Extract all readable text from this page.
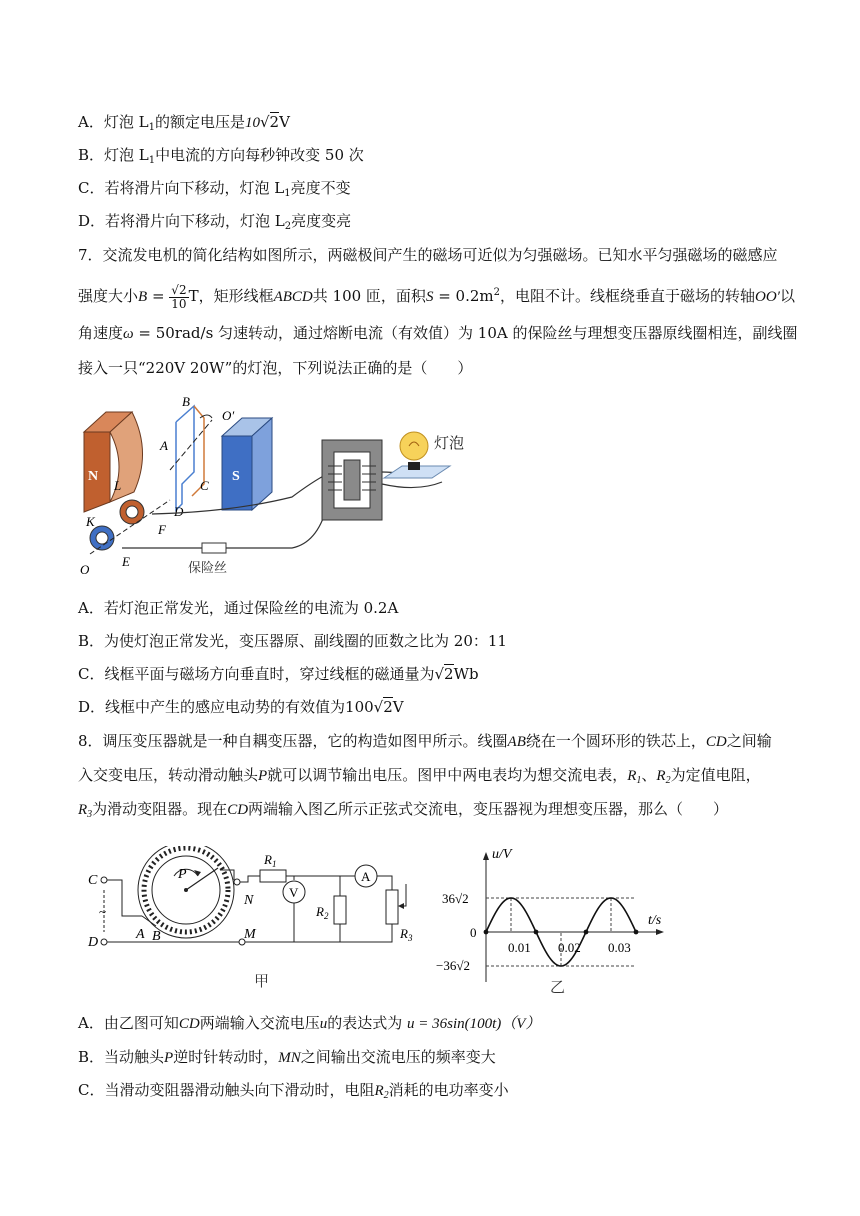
A．灯泡 $L_1$的额定电压是10√2V
B．灯泡 $L_1$中电流的方向每秒钟改变 50 次
C．若将滑片向下移动，灯泡 $L_1$亮度不变
D．若将滑片向下移动，灯泡 $L_2$亮度变亮
7．交流发电机的简化结构如图所示，两磁极间产生的磁场可近似为匀强磁场。已知水平匀强磁场的磁感应
强度大小$B = \frac{√2}{10}$ T，矩形线框ABCD共 100 匝，面积$S = 0.2m^2$，电阻不计。线框绕垂直于磁场的转轴OO′以
角速度ω = 50rad/s 匀速转动，通过熔断电流（有效值）为 10A 的保险丝与理想变压器原线圈相连，副线圈
接入一只“220V 20W”的灯泡，下列说法正确的是（　　）
N	S
B
A
C
D
O′
L
K
O
F
E	保险丝
灯泡
A．若灯泡正常发光，通过保险丝的电流为 0.2A
B．为使灯泡正常发光，变压器原、副线圈的匝数之比为 20：11
C．线框平面与磁场方向垂直时，穿过线框的磁通量为√2Wb
D．线框中产生的感应电动势的有效值为100√2V
8．调压变压器就是一种自耦变压器，它的构造如图甲所示。线圈AB绕在一个圆环形的铁芯上，CD之间输
入交变电压，转动滑动触头P就可以调节输出电压。图甲中两电表均为想交流电表，$R_1$、$R_2$为定值电阻，
$R_3$为滑动变阻器。现在CD两端输入图乙所示正弦式交流电，变压器视为理想变压器，那么（　　）
C
D
~
P
A B
N
M
$R_1$
V
$R_2$
A
$R_3$
甲
u/V
t/s
36√2
0
−36√2
0.01 0.02 0.03
乙
A．由乙图可知CD两端输入交流电压u的表达式为 u = 36sin(100t)（V）
B．当动触头P逆时针转动时，MN之间输出交流电压的频率变大
C．当滑动变阻器滑动触头向下滑动时，电阻$R_2$消耗的电功率变小
